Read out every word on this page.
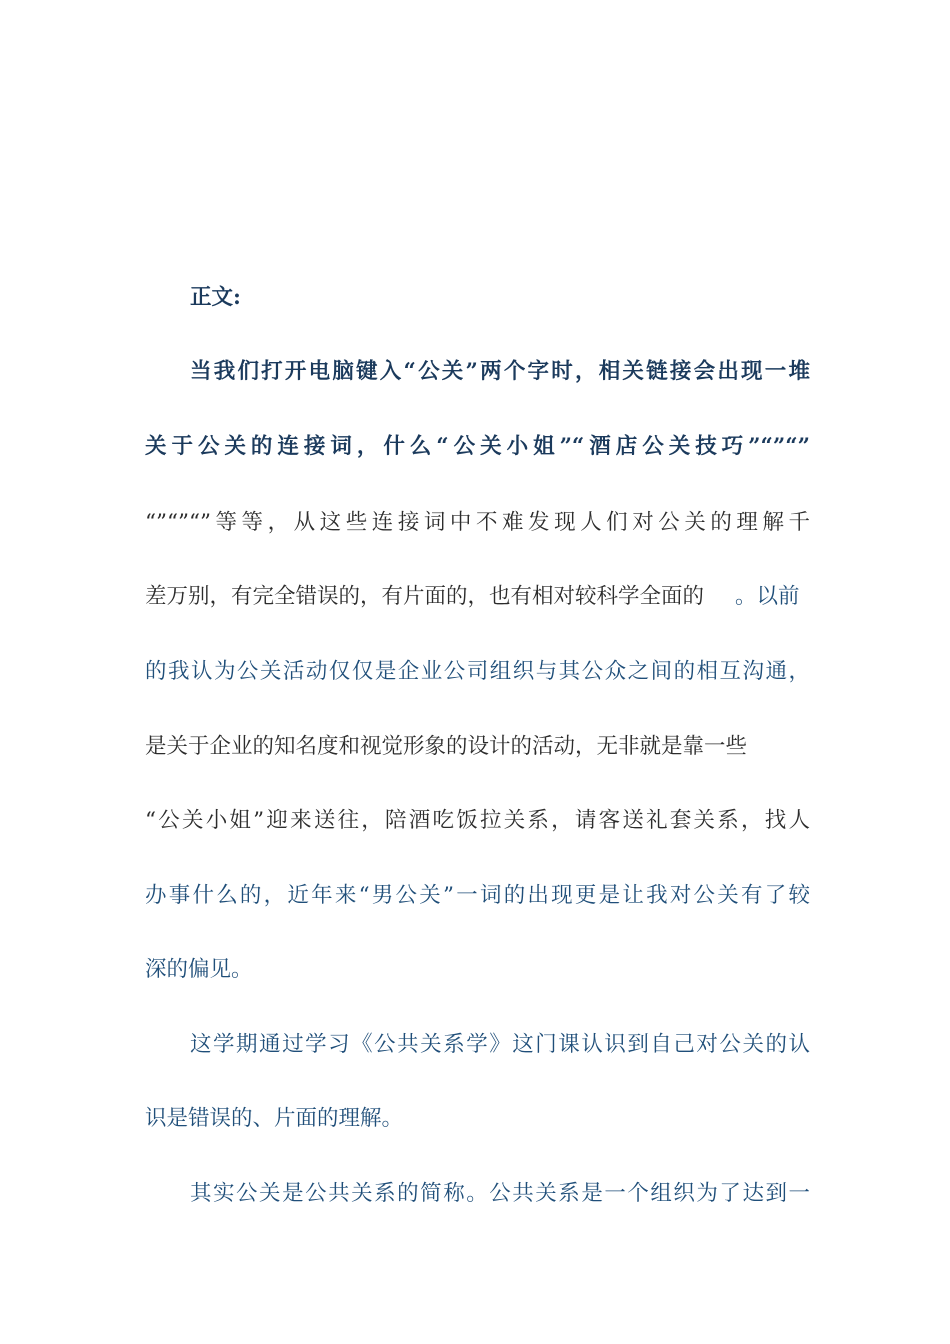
正文:
当我们打开电脑键入“公关”两个字时，相关链接会出现一堆
关于公关的连接词，什么“公关小姐”“酒店公关技巧”“”“”
“”“”“”等等，从这些连接词中不难发现人们对公关的理解千
差万别，有完全错误的，有片面的，也有相对较科学全面的	。以前
的我认为公关活动仅仅是企业公司组织与其公众之间的相互沟通，
是关于企业的知名度和视觉形象的设计的活动，无非就是靠一些
“公关小姐”迎来送往，陪酒吃饭拉关系，请客送礼套关系，找人
办事什么的，近年来“男公关”一词的出现更是让我对公关有了较
深的偏见。
这学期通过学习《公共关系学》这门课认识到自己对公关的认
识是错误的、片面的理解。
其实公关是公共关系的简称。公共关系是一个组织为了达到一
